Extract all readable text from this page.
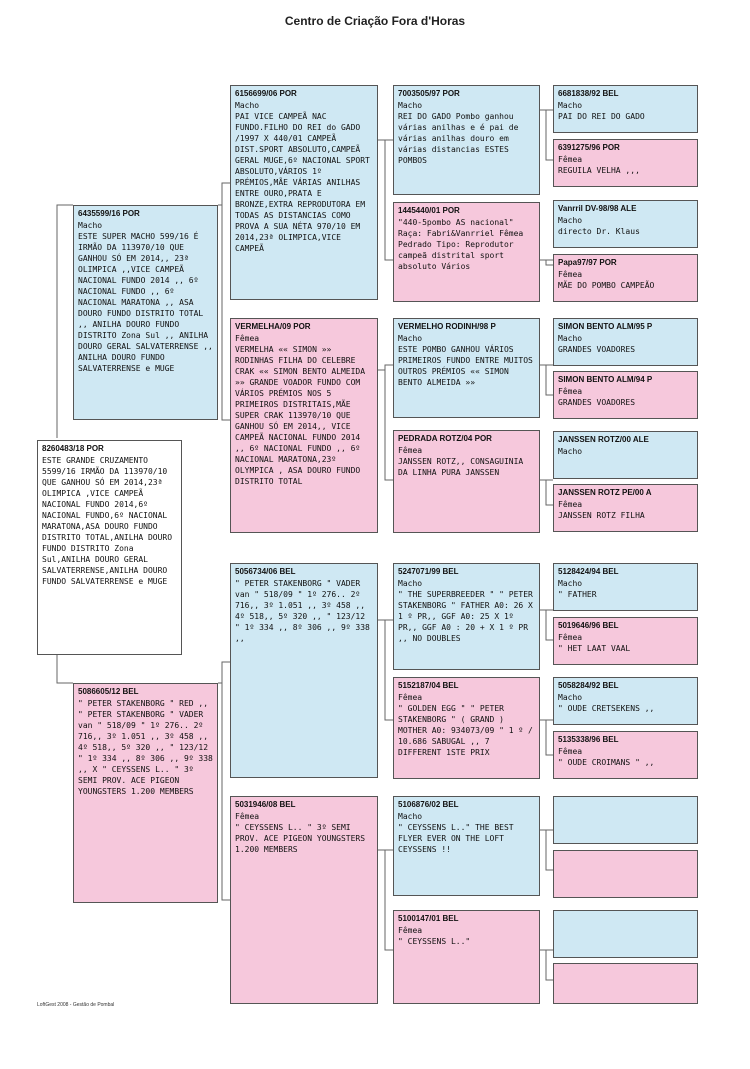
Centro de Criação Fora d'Horas
8260483/18 POR
ESTE GRANDE CRUZAMENTO 5599/16 IRMÃO DA 113970/10 QUE GANHOU SÓ EM 2014,23ª OLIMPICA ,VICE CAMPEÃ NACIONAL FUNDO 2014,6º NACIONAL FUNDO,6º NACIONAL MARATONA,ASA DOURO FUNDO DISTRITO TOTAL,ANILHA DOURO FUNDO DISTRITO Zona Sul,ANILHA DOURO GERAL SALVATERRENSE,ANILHA DOURO FUNDO SALVATERRENSE e MUGE
6435599/16 POR
Macho
ESTE SUPER MACHO 599/16 É IRMÃO DA 113970/10 QUE GANHOU SÓ EM 2014,, 23ª OLIMPICA ,,VICE CAMPEÃ NACIONAL FUNDO 2014 ,, 6º NACIONAL FUNDO ,, 6º NACIONAL MARATONA ,, ASA DOURO FUNDO DISTRITO TOTAL ,, ANILHA DOURO FUNDO DISTRITO Zona Sul ,, ANILHA DOURO GERAL SALVATERRENSE ,, ANILHA DOURO FUNDO SALVATERRENSE e MUGE
5086605/12 BEL
" PETER STAKENBORG " RED ,, " PETER STAKENBORG " VADER van " 518/09 " 1º 276.. 2º 716,, 3º 1.051 ,, 3º 458 ,, 4º 518,, 5º 320 ,, " 123/12 " 1º 334 ,, 8º 306 ,, 9º 338 ,, X " CEYSSENS L.. " 3º SEMI PROV. ACE PIGEON YOUNGSTERS 1.200 MEMBERS
6156699/06 POR
Macho
PAI VICE CAMPEÃ NAC FUNDO.FILHO DO REI do GADO /1997 X 440/01 CAMPEÃ DIST.SPORT ABSOLUTO,CAMPEÃ GERAL MUGE,6º NACIONAL SPORT ABSOLUTO,VÁRIOS 1º PRÉMIOS,MÃE VÁRIAS ANILHAS ENTRE OURO,PRATA E BRONZE,EXTRA REPRODUTORA EM TODAS AS DISTANCIAS COMO PROVA A SUA NÉTA 970/10 EM 2014,23ª OLIMPICA,VICE CAMPEÃ
VERMELHA/09 POR
Fêmea
VERMELHA «« SIMON »» RODINHAS FILHA DO CELEBRE CRAK «« SIMON BENTO ALMEIDA »» GRANDE VOADOR FUNDO COM VÁRIOS PRÉMIOS NOS 5 PRIMEIROS DISTRITAIS,MÃE SUPER CRAK 113970/10 QUE GANHOU SÓ EM 2014,, VICE CAMPEÃ NACIONAL FUNDO 2014 ,, 6º NACIONAL FUNDO ,, 6º NACIONAL MARATONA,23º OLYMPICA , ASA DOURO FUNDO DISTRITO TOTAL
5056734/06 BEL
" PETER STAKENBORG " VADER van " 518/09 " 1º 276.. 2º 716,, 3º 1.051 ,, 3º 458 ,, 4º 518,, 5º 320 ,, " 123/12 " 1º 334 ,, 8º 306 ,, 9º 338 ,,
5031946/08 BEL
Fêmea
" CEYSSENS L.. " 3º SEMI PROV. ACE PIGEON YOUNGSTERS 1.200 MEMBERS
7003505/97 POR
Macho
REI DO GADO Pombo ganhou várias anilhas e é pai de várias anilhas douro em várias distancias ESTES POMBOS
1445440/01 POR
"440-5pombo AS nacional" Raça: Fabri&Vanrriel Fêmea Pedrado Tipo: Reprodutor campeã distrital sport absoluto Vários
VERMELHO RODINH/98 P
Macho
ESTE POMBO GANHOU VÁRIOS PRIMEIROS FUNDO ENTRE MUITOS OUTROS PRÉMIOS «« SIMON BENTO ALMEIDA »»
PEDRADA ROTZ/04 POR
Fêmea
JANSSEN ROTZ,, CONSAGUINIA DA LINHA PURA JANSSEN
5247071/99 BEL
Macho
" THE SUPERBREEDER " " PETER STAKENBORG " FATHER A0: 26 X 1 º PR,, GGF A0: 25 X 1º PR,, GGF A0 : 20 + X 1 º PR ,, NO DOUBLES
5152187/04 BEL
Fêmea
" GOLDEN EGG " " PETER STAKENBORG " ( GRAND ) MOTHER A0: 934073/09 " 1 º / 10.686 SABUGAL ,, 7 DIFFERENT 1STE PRIX
5106876/02 BEL
Macho
" CEYSSENS L.." THE BEST FLYER EVER ON THE LOFT CEYSSENS !!
5100147/01 BEL
Fêmea
" CEYSSENS L.."
6681838/92 BEL
Macho
PAI DO REI DO GADO
6391275/96 POR
Fêmea
REGUILA VELHA ,,,
Vanrril DV-98/98 ALE
Macho
directo Dr. Klaus
Papa97/97 POR
Fêmea
MÃE DO POMBO CAMPEÃO
SIMON BENTO ALM/95 P
Macho
GRANDES VOADORES
SIMON BENTO ALM/94 P
Fêmea
GRANDES VOADORES
JANSSEN ROTZ/00 ALE
Macho
JANSSEN ROTZ PE/00 A
Fêmea
JANSSEN ROTZ FILHA
5128424/94 BEL
Macho
" FATHER
5019646/96 BEL
Fêmea
" HET LAAT VAAL
5058284/92 BEL
Macho
" OUDE CRETSEKENS ,,
5135338/96 BEL
Fêmea
" OUDE CROIMANS " ,,
LoftGest 2008 - Gestão de Pombal
